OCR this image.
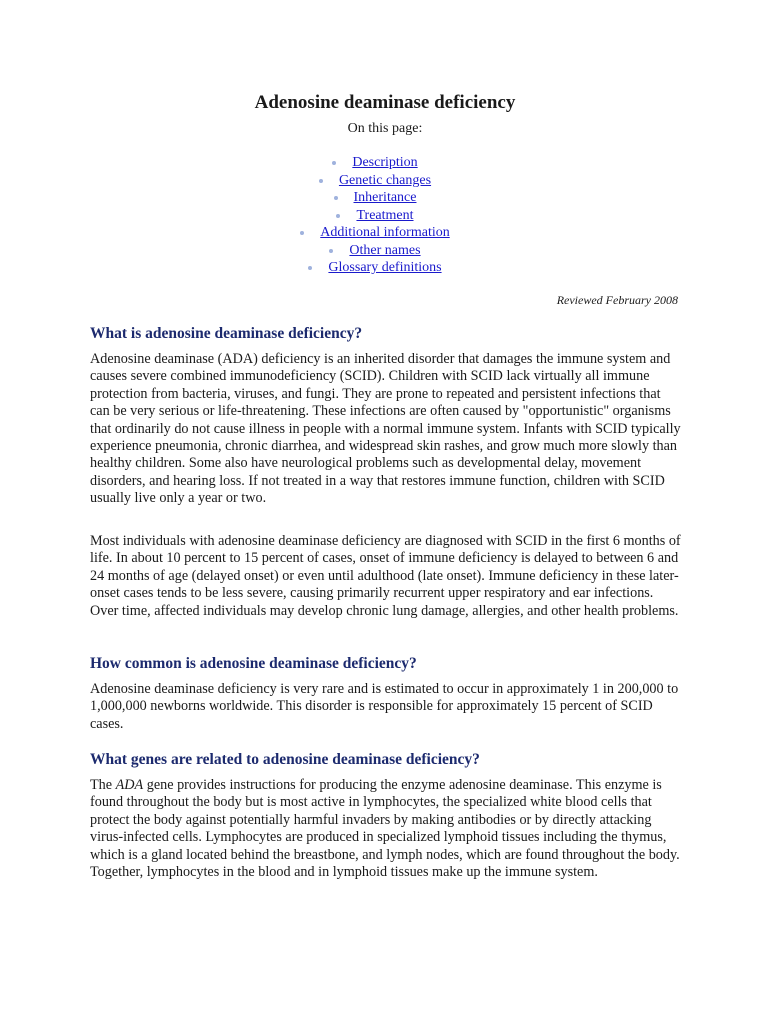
Adenosine deaminase deficiency
On this page:
Description
Genetic changes
Inheritance
Treatment
Additional information
Other names
Glossary definitions
Reviewed February 2008
What is adenosine deaminase deficiency?

Adenosine deaminase (ADA) deficiency is an inherited disorder that damages the immune system and causes severe combined immunodeficiency (SCID). Children with SCID lack virtually all immune protection from bacteria, viruses, and fungi. They are prone to repeated and persistent infections that can be very serious or life-threatening. These infections are often caused by "opportunistic" organisms that ordinarily do not cause illness in people with a normal immune system. Infants with SCID typically experience pneumonia, chronic diarrhea, and widespread skin rashes, and grow much more slowly than healthy children. Some also have neurological problems such as developmental delay, movement disorders, and hearing loss. If not treated in a way that restores immune function, children with SCID usually live only a year or two.

Most individuals with adenosine deaminase deficiency are diagnosed with SCID in the first 6 months of life. In about 10 percent to 15 percent of cases, onset of immune deficiency is delayed to between 6 and 24 months of age (delayed onset) or even until adulthood (late onset). Immune deficiency in these later-onset cases tends to be less severe, causing primarily recurrent upper respiratory and ear infections. Over time, affected individuals may develop chronic lung damage, allergies, and other health problems.

How common is adenosine deaminase deficiency?

Adenosine deaminase deficiency is very rare and is estimated to occur in approximately 1 in 200,000 to 1,000,000 newborns worldwide. This disorder is responsible for approximately 15 percent of SCID cases.

What genes are related to adenosine deaminase deficiency?

The ADA gene provides instructions for producing the enzyme adenosine deaminase. This enzyme is found throughout the body but is most active in lymphocytes, the specialized white blood cells that protect the body against potentially harmful invaders by making antibodies or by directly attacking virus-infected cells. Lymphocytes are produced in specialized lymphoid tissues including the thymus, which is a gland located behind the breastbone, and lymph nodes, which are found throughout the body. Together, lymphocytes in the blood and in lymphoid tissues make up the immune system.
